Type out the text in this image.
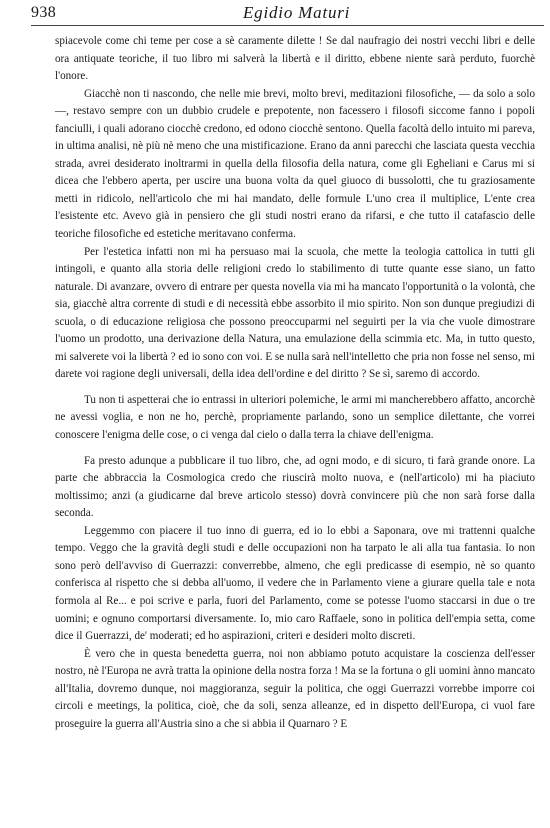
938	Egidio Maturi

spiacevole come chi teme per cose a sè caramente dilette ! Se dal naufragio dei nostri vecchi libri e delle ora antiquate teoriche, il tuo libro mi salverà la libertà e il diritto, ebbene niente sarà perduto, fuorchè l'onore.

Giacchè non ti nascondo, che nelle mie brevi, molto brevi, meditazioni filosofiche, — da solo a solo —, restavo sempre con un dubbio crudele e prepotente, non facessero i filosofi siccome fanno i popoli fanciulli, i quali adorano ciocchè credono, ed odono ciocchè sentono. Quella facoltà dello intuito mi pareva, in ultima analisi, nè più nè meno che una mistificazione. Erano da anni parecchi che lasciata questa vecchia strada, avrei desiderato inoltrarmi in quella della filosofia della natura, come gli Egheliani e Carus mi si dicea che l'ebbero aperta, per uscire una buona volta da quel giuoco di bussolotti, che tu graziosamente metti in ridicolo, nell'articolo che mi hai mandato, delle formule L'uno crea il multiplice, L'ente crea l'esistente etc. Avevo già in pensiero che gli studi nostri erano da rifarsi, e che tutto il catafascio delle teoriche filosofiche ed estetiche meritavano conferma.

Per l'estetica infatti non mi ha persuaso mai la scuola, che mette la teologia cattolica in tutti gli intingoli, e quanto alla storia delle religioni credo lo stabilimento di tutte quante esse siano, un fatto naturale. Di avanzare, ovvero di entrare per questa novella via mi ha mancato l'opportunità o la volontà, che sia, giacchè altra corrente di studi e di necessità ebbe assorbito il mio spirito. Non son dunque pregiudizi di scuola, o di educazione religiosa che possono preoccuparmi nel seguirti per la via che vuole dimostrare l'uomo un prodotto, una derivazione della Natura, una emulazione della scimmia etc. Ma, in tutto questo, mi salverete voi la libertà ? ed io sono con voi. E se nulla sarà nell'intelletto che pria non fosse nel senso, mi darete voi ragione degli universali, della idea dell'ordine e del diritto ? Se sì, saremo di accordo.

Tu non ti aspetterai che io entrassi in ulteriori polemiche, le armi mi mancherebbero affatto, ancorchè ne avessi voglia, e non ne ho, perchè, propriamente parlando, sono un semplice dilettante, che vorrei conoscere l'enigma delle cose, o ci venga dal cielo o dalla terra la chiave dell'enigma.

Fa presto adunque a pubblicare il tuo libro, che, ad ogni modo, e di sicuro, ti farà grande onore. La parte che abbraccia la Cosmologica credo che riuscirà molto nuova, e (nell'articolo) mi ha piaciuto moltissimo; anzi (a giudicarne dal breve articolo stesso) dovrà convincere più che non sarà forse dalla seconda.

Leggemmo con piacere il tuo inno di guerra, ed io lo ebbi a Saponara, ove mi trattenni qualche tempo. Veggo che la gravità degli studi e delle occupazioni non ha tarpato le ali alla tua fantasia. Io non sono però dell'avviso di Guerrazzi: converrebbe, almeno, che egli predicasse di esempio, nè so quanto conferisca al rispetto che si debba all'uomo, il vedere che in Parlamento viene a giurare quella tale e nota formola al Re... e poi scrive e parla, fuori del Parlamento, come se potesse l'uomo staccarsi in due o tre uomini; e ognuno comportarsi diversamente. Io, mio caro Raffaele, sono in politica dell'empia setta, come dice il Guerrazzi, de' moderati; ed ho aspirazioni, criteri e desideri molto discreti.

È vero che in questa benedetta guerra, noi non abbiamo potuto acquistare la coscienza dell'esser nostro, nè l'Europa ne avrà tratta la opinione della nostra forza ! Ma se la fortuna o gli uomini ànno mancato all'Italia, dovremo dunque, noi maggioranza, seguir la politica, che oggi Guerrazzi vorrebbe imporre coi circoli e meetings, la politica, cioè, che da soli, senza alleanze, ed in dispetto dell'Europa, ci vuol fare proseguire la guerra all'Austria sino a che si abbia il Quarnaro ? E
